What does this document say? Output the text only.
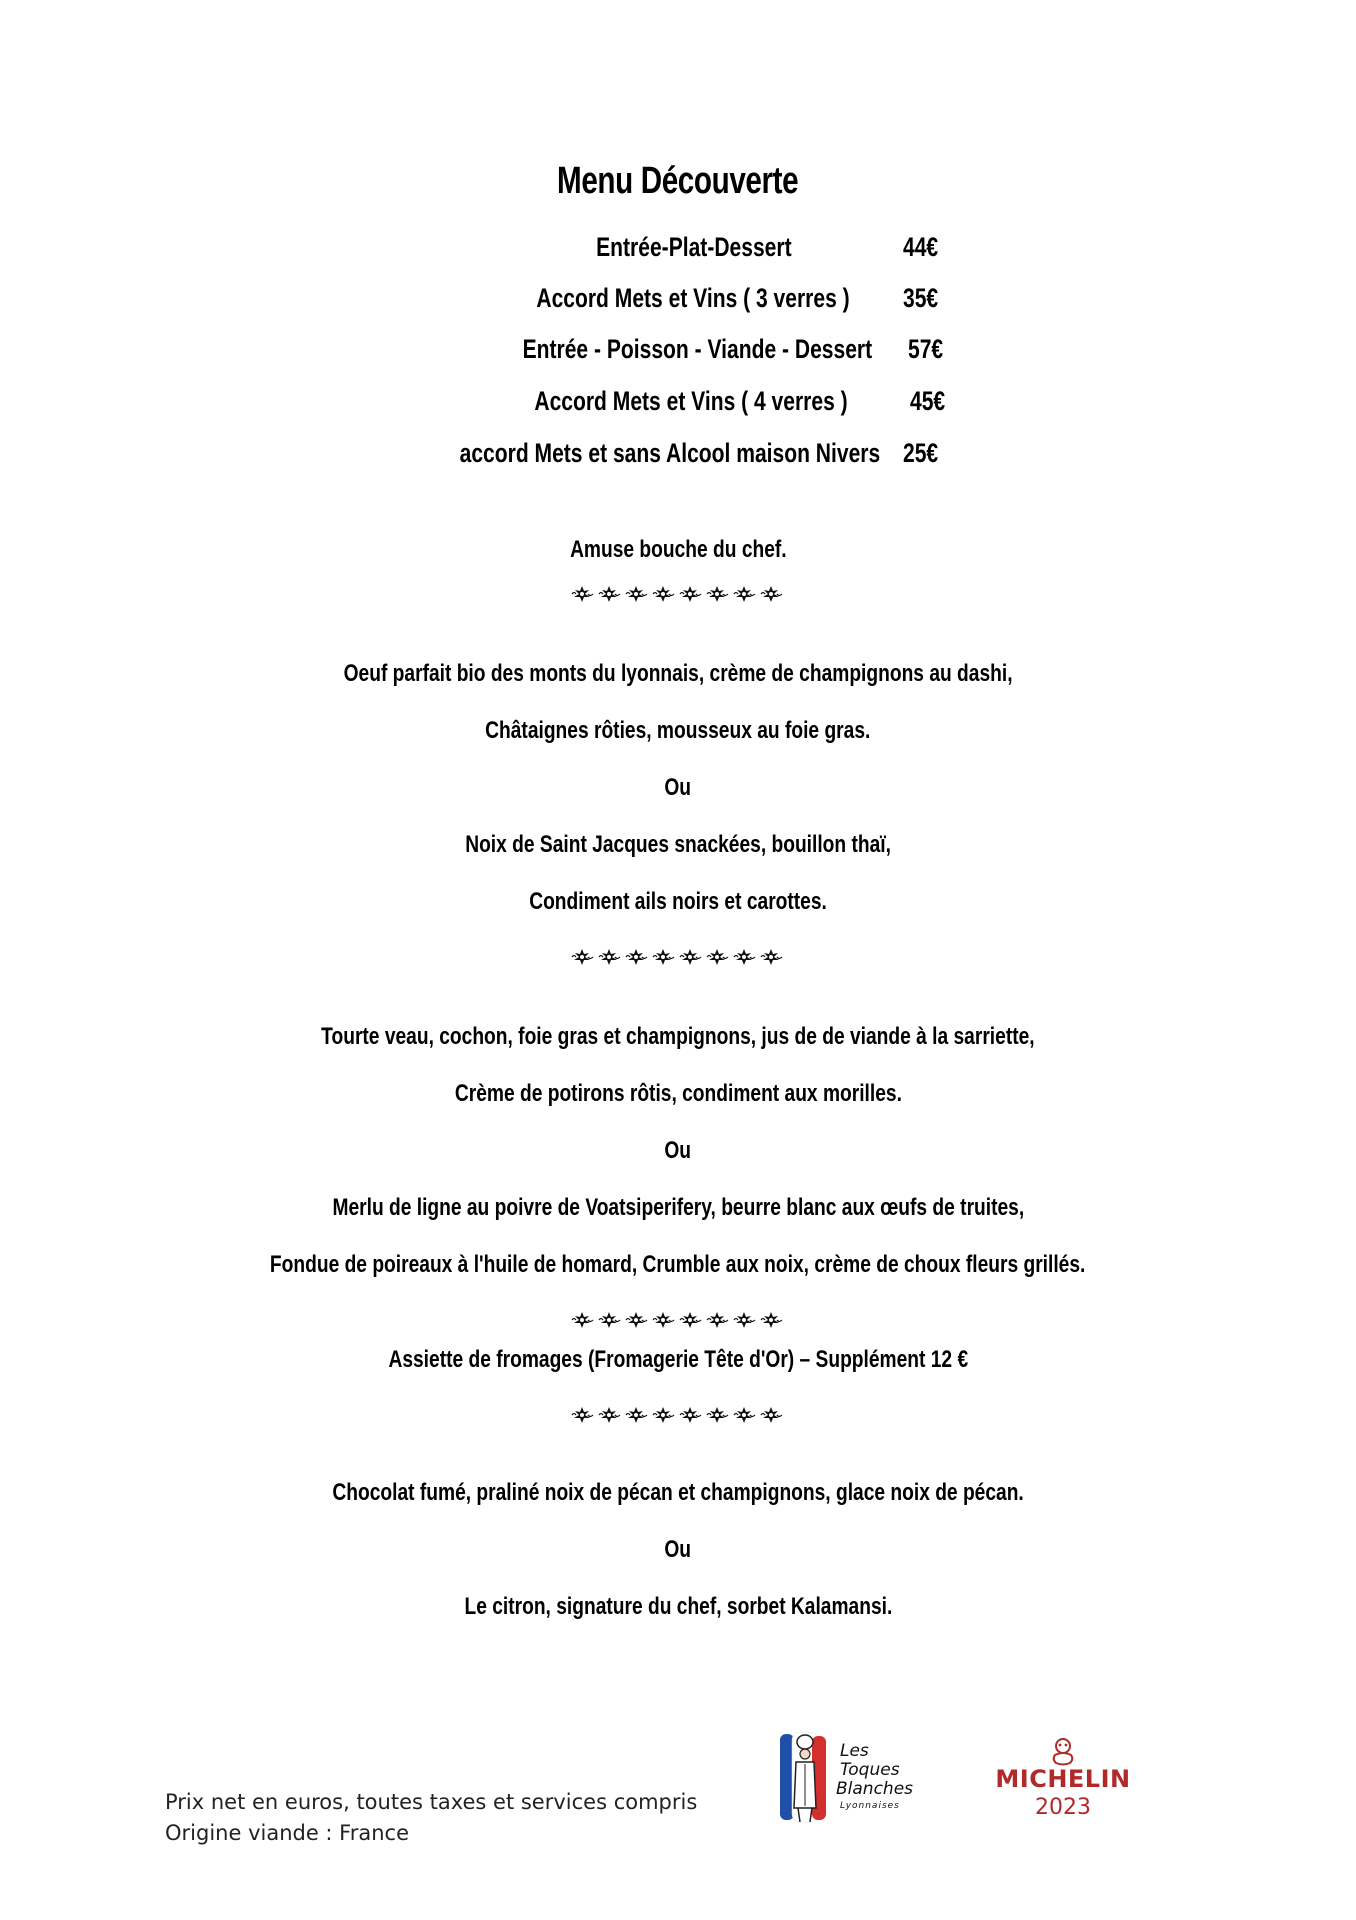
Menu Découverte
Entrée-Plat-Dessert	44€
Accord Mets et Vins ( 3 verres ) 35€
Entrée - Poisson - Viande - Dessert 57€
Accord Mets et Vins ( 4 verres ) 45€
accord Mets et sans Alcool maison Nivers 25€
Amuse bouche du chef.
Oeuf parfait bio des monts du lyonnais, crème de champignons au dashi,
Châtaignes rôties, mousseux au foie gras.
Ou
Noix de Saint Jacques snackées, bouillon thaï,
Condiment ails noirs et carottes.
Tourte veau, cochon, foie gras et champignons, jus de de viande à la sarriette,
Crème de potirons rôtis, condiment aux morilles.
Ou
Merlu de ligne au poivre de Voatsiperifery, beurre blanc aux œufs de truites,
Fondue de poireaux à l'huile de homard, Crumble aux noix, crème de choux fleurs grillés.
Assiette de fromages (Fromagerie Tête d'Or) – Supplément 12 €
Chocolat fumé, praliné noix de pécan et champignons, glace noix de pécan.
Ou
Le citron, signature du chef, sorbet Kalamansi.
Prix net en euros, toutes taxes et services compris
Origine viande : France
Les
Toques
Blanches
Lyonnaises
MICHELIN
2023
